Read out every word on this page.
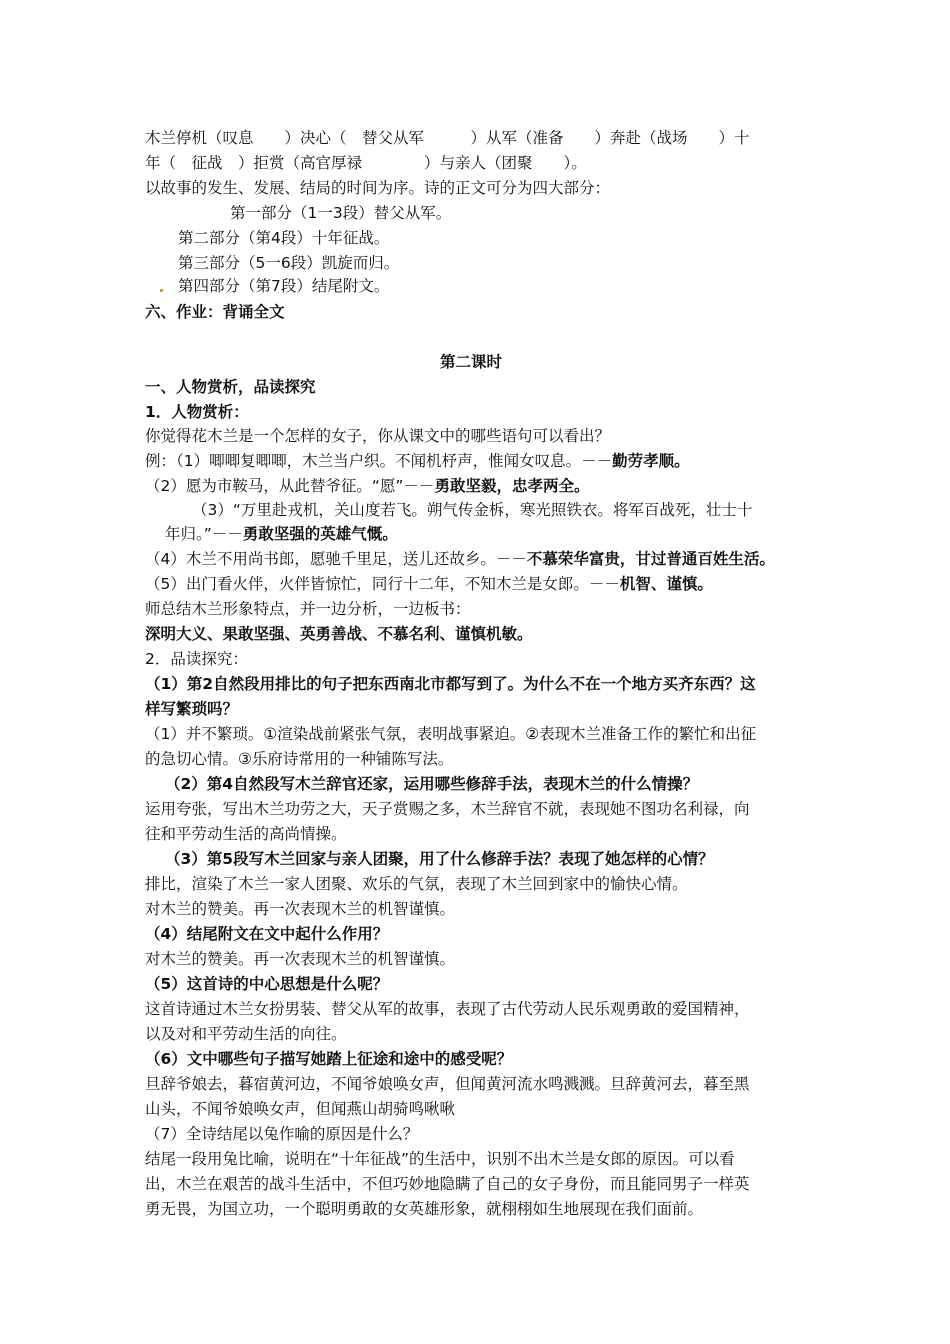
木兰停机（叹息　　）决心（　替父从军　　　）从军（准备　　）奔赴（战场　　）十
年（　征战　）拒赏（高官厚禄　　　　）与亲人（团聚　　）。
以故事的发生、发展、结局的时间为序。诗的正文可分为四大部分：
第一部分（1一3段）替父从军。
第二部分（第4段）十年征战。
第三部分（5一6段）凯旋而归。
第四部分（第7段）结尾附文。
六、作业：背诵全文
第二课时
一、人物赏析，品读探究
1．人物赏析：
你觉得花木兰是一个怎样的女子，你从课文中的哪些语句可以看出？
例：（1）唧唧复唧唧，木兰当户织。不闻机杼声，惟闻女叹息。－－勤劳孝顺。
（2）愿为市鞍马，从此替爷征。“愿”－－勇敢坚毅，忠孝两全。
（3）“万里赴戎机，关山度若飞。朔气传金柝，寒光照铁衣。将军百战死，壮士十
年归。”－－勇敢坚强的英雄气慨。
（4）木兰不用尚书郎，愿驰千里足，送儿还故乡。－－不慕荣华富贵，甘过普通百姓生活。
（5）出门看火伴，火伴皆惊忙，同行十二年，不知木兰是女郎。－－机智、谨慎。
师总结木兰形象特点，并一边分析，一边板书：
深明大义、果敢坚强、英勇善战、不慕名利、谨慎机敏。
2．品读探究：
（1）第2自然段用排比的句子把东西南北市都写到了。为什么不在一个地方买齐东西？这
样写繁琐吗？
（1）并不繁琐。①渲染战前紧张气氛，表明战事紧迫。②表现木兰准备工作的繁忙和出征
的急切心情。③乐府诗常用的一种铺陈写法。
（2）第4自然段写木兰辞官还家，运用哪些修辞手法，表现木兰的什么情操？
运用夸张，写出木兰功劳之大，天子赏赐之多，木兰辞官不就，表现她不图功名利禄，向
往和平劳动生活的高尚情操。
（3）第5段写木兰回家与亲人团聚，用了什么修辞手法？表现了她怎样的心情？
排比，渲染了木兰一家人团聚、欢乐的气氛，表现了木兰回到家中的愉快心情。
对木兰的赞美。再一次表现木兰的机智谨慎。
（4）结尾附文在文中起什么作用？
对木兰的赞美。再一次表现木兰的机智谨慎。
（5）这首诗的中心思想是什么呢？
这首诗通过木兰女扮男装、替父从军的故事，表现了古代劳动人民乐观勇敢的爱国精神，
以及对和平劳动生活的向往。
（6）文中哪些句子描写她踏上征途和途中的感受呢？
旦辞爷娘去，暮宿黄河边，不闻爷娘唤女声，但闻黄河流水鸣溅溅。旦辞黄河去，暮至黑
山头，不闻爷娘唤女声，但闻燕山胡骑鸣啾啾
（7）全诗结尾以兔作喻的原因是什么？
结尾一段用兔比喻，说明在“十年征战”的生活中，识别不出木兰是女郎的原因。可以看
出，木兰在艰苦的战斗生活中，不但巧妙地隐瞒了自己的女子身份，而且能同男子一样英
勇无畏，为国立功，一个聪明勇敢的女英雄形象，就栩栩如生地展现在我们面前。
